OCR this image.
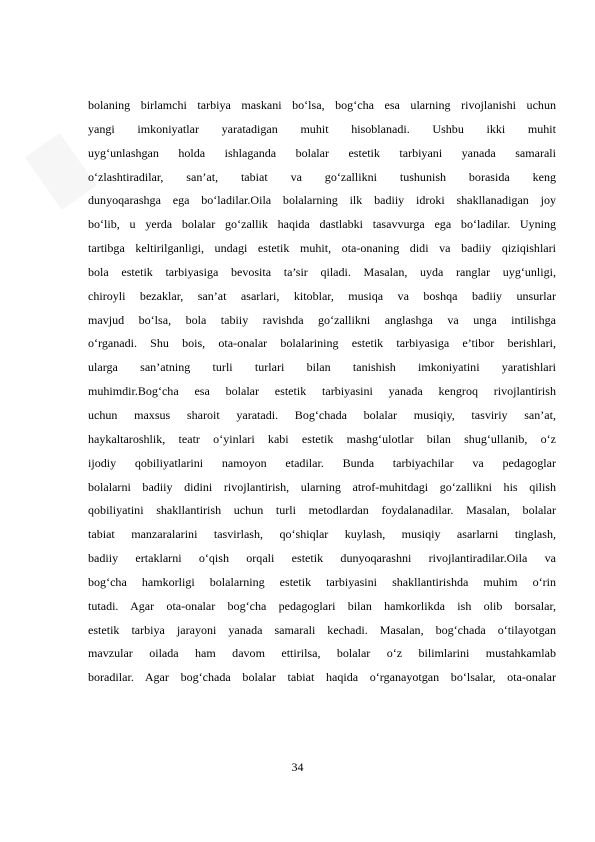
bolaning birlamchi tarbiya maskani bo‘lsa, bog‘cha esa ularning rivojlanishi uchun
yangi imkoniyatlar yaratadigan muhit hisoblanadi. Ushbu ikki muhit
uyg‘unlashgan holda ishlaganda bolalar estetik tarbiyani yanada samarali
o‘zlashtiradilar, san’at, tabiat va go‘zallikni tushunish borasida keng
dunyoqarashga ega bo‘ladilar.Oila bolalarning ilk badiiy idroki shakllanadigan joy
bo‘lib, u yerda bolalar go‘zallik haqida dastlabki tasavvurga ega bo‘ladilar. Uyning
tartibga keltirilganligi, undagi estetik muhit, ota-onaning didi va badiiy qiziqishlari
bola estetik tarbiyasiga bevosita ta’sir qiladi. Masalan, uyda ranglar uyg‘unligi,
chiroyli bezaklar, san’at asarlari, kitoblar, musiqa va boshqa badiiy unsurlar
mavjud bo‘lsa, bola tabiiy ravishda go‘zallikni anglashga va unga intilishga
o‘rganadi. Shu bois, ota-onalar bolalarining estetik tarbiyasiga e’tibor berishlari,
ularga san’atning turli turlari bilan tanishish imkoniyatini yaratishlari
muhimdir.Bog‘cha esa bolalar estetik tarbiyasini yanada kengroq rivojlantirish
uchun maxsus sharoit yaratadi. Bog‘chada bolalar musiqiy, tasviriy san’at,
haykaltaroshlik, teatr o‘yinlari kabi estetik mashg‘ulotlar bilan shug‘ullanib, o‘z
ijodiy qobiliyatlarini namoyon etadilar. Bunda tarbiyachilar va pedagoglar
bolalarni badiiy didini rivojlantirish, ularning atrof-muhitdagi go‘zallikni his qilish
qobiliyatini shakllantirish uchun turli metodlardan foydalanadilar. Masalan, bolalar
tabiat manzaralarini tasvirlash, qo‘shiqlar kuylash, musiqiy asarlarni tinglash,
badiiy ertaklarni o‘qish orqali estetik dunyoqarashni rivojlantiradilar.Oila va
bog‘cha hamkorligi bolalarning estetik tarbiyasini shakllantirishda muhim o‘rin
tutadi. Agar ota-onalar bog‘cha pedagoglari bilan hamkorlikda ish olib borsalar,
estetik tarbiya jarayoni yanada samarali kechadi. Masalan, bog‘chada o‘tilayotgan
mavzular oilada ham davom ettirilsa, bolalar o‘z bilimlarini mustahkamlab
boradilar. Agar bog‘chada bolalar tabiat haqida o‘rganayotgan bo‘lsalar, ota-onalar
34
